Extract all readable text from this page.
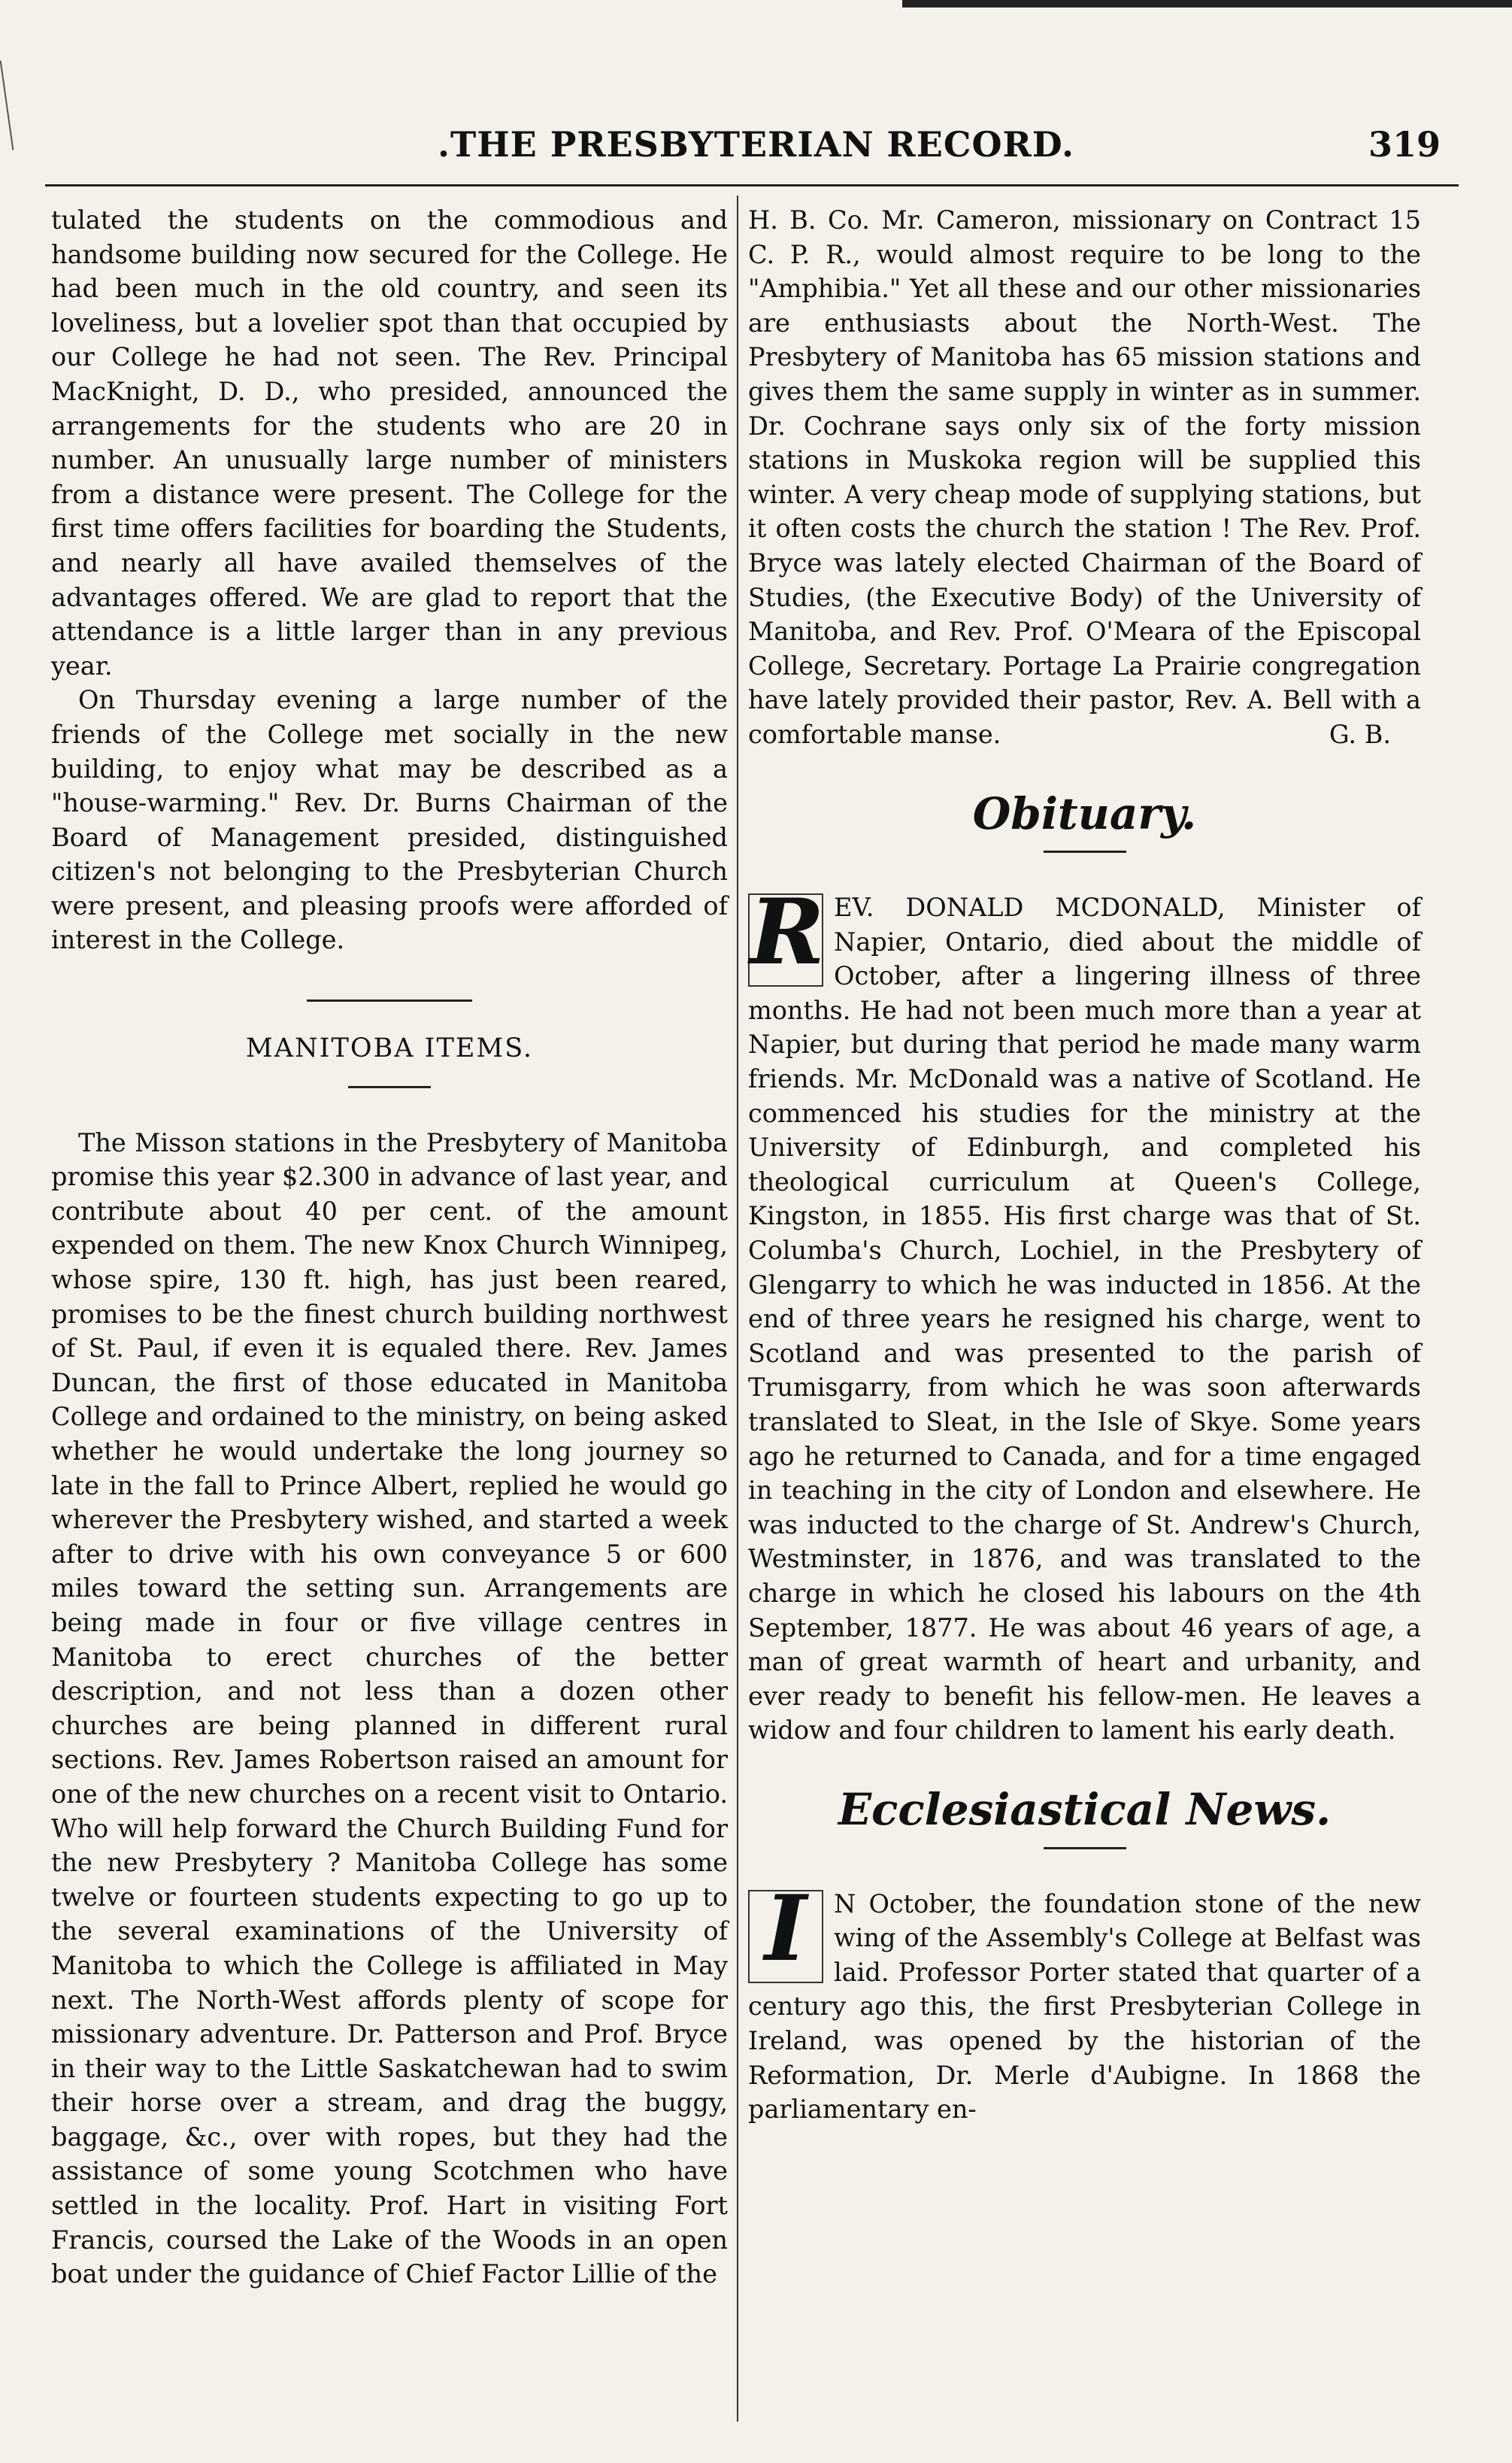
.THE PRESBYTERIAN RECORD.	319

tulated the students on the commodious and handsome building now secured for the College. He had been much in the old country, and seen its loveliness, but a lovelier spot than that occupied by our College he had not seen. The Rev. Principal MacKnight, D. D., who presided, announced the arrangements for the students who are 20 in number. An unusually large number of ministers from a distance were present. The College for the first time offers facilities for boarding the Students, and nearly all have availed themselves of the advantages offered. We are glad to report that the attendance is a little larger than in any previous year.

On Thursday evening a large number of the friends of the College met socially in the new building, to enjoy what may be described as a "house-warming." Rev. Dr. Burns Chairman of the Board of Management presided, distinguished citizen's not belonging to the Presbyterian Church were present, and pleasing proofs were afforded of interest in the College.

MANITOBA ITEMS.

The Misson stations in the Presbytery of Manitoba promise this year $2.300 in advance of last year, and contribute about 40 per cent. of the amount expended on them. The new Knox Church Winnipeg, whose spire, 130 ft. high, has just been reared, promises to be the finest church building northwest of St. Paul, if even it is equaled there. Rev. James Duncan, the first of those educated in Manitoba College and ordained to the ministry, on being asked whether he would undertake the long journey so late in the fall to Prince Albert, replied he would go wherever the Presbytery wished, and started a week after to drive with his own conveyance 5 or 600 miles toward the setting sun. Arrangements are being made in four or five village centres in Manitoba to erect churches of the better description, and not less than a dozen other churches are being planned in different rural sections. Rev. James Robertson raised an amount for one of the new churches on a recent visit to Ontario. Who will help forward the Church Building Fund for the new Presbytery ? Manitoba College has some twelve or fourteen students expecting to go up to the several examinations of the University of Manitoba to which the College is affiliated in May next. The North-West affords plenty of scope for missionary adventure. Dr. Patterson and Prof. Bryce in their way to the Little Saskatchewan had to swim their horse over a stream, and drag the buggy, baggage, &c., over with ropes, but they had the assistance of some young Scotchmen who have settled in the locality. Prof. Hart in visiting Fort Francis, coursed the Lake of the Woods in an open boat under the guidance of Chief Factor Lillie of the

H. B. Co. Mr. Cameron, missionary on Contract 15 C. P. R., would almost require to be long to the "Amphibia." Yet all these and our other missionaries are enthusiasts about the North-West. The Presbytery of Manitoba has 65 mission stations and gives them the same supply in winter as in summer. Dr. Cochrane says only six of the forty mission stations in Muskoka region will be supplied this winter. A very cheap mode of supplying stations, but it often costs the church the station ! The Rev. Prof. Bryce was lately elected Chairman of the Board of Studies, (the Executive Body) of the University of Manitoba, and Rev. Prof. O'Meara of the Episcopal College, Secretary. Portage La Prairie congregation have lately provided their pastor, Rev. A. Bell with a comfortable manse.	G. B.

Obituary.

R EV. DONALD MCDONALD, Minister of Napier, Ontario, died about the middle of October, after a lingering illness of three months. He had not been much more than a year at Napier, but during that period he made many warm friends. Mr. McDonald was a native of Scotland. He commenced his studies for the ministry at the University of Edinburgh, and completed his theological curriculum at Queen's College, Kingston, in 1855. His first charge was that of St. Columba's Church, Lochiel, in the Presbytery of Glengarry to which he was inducted in 1856. At the end of three years he resigned his charge, went to Scotland and was presented to the parish of Trumisgarry, from which he was soon afterwards translated to Sleat, in the Isle of Skye. Some years ago he returned to Canada, and for a time engaged in teaching in the city of London and elsewhere. He was inducted to the charge of St. Andrew's Church, Westminster, in 1876, and was translated to the charge in which he closed his labours on the 4th September, 1877. He was about 46 years of age, a man of great warmth of heart and urbanity, and ever ready to benefit his fellow-men. He leaves a widow and four children to lament his early death.

Ecclesiastical News.

I	N October, the foundation stone of the new wing of the Assembly's College at Belfast was laid. Professor Porter stated that quarter of a century ago this, the first Presbyterian College in Ireland, was opened by the historian of the Reformation, Dr. Merle d'Aubigne. In 1868 the parliamentary en-
